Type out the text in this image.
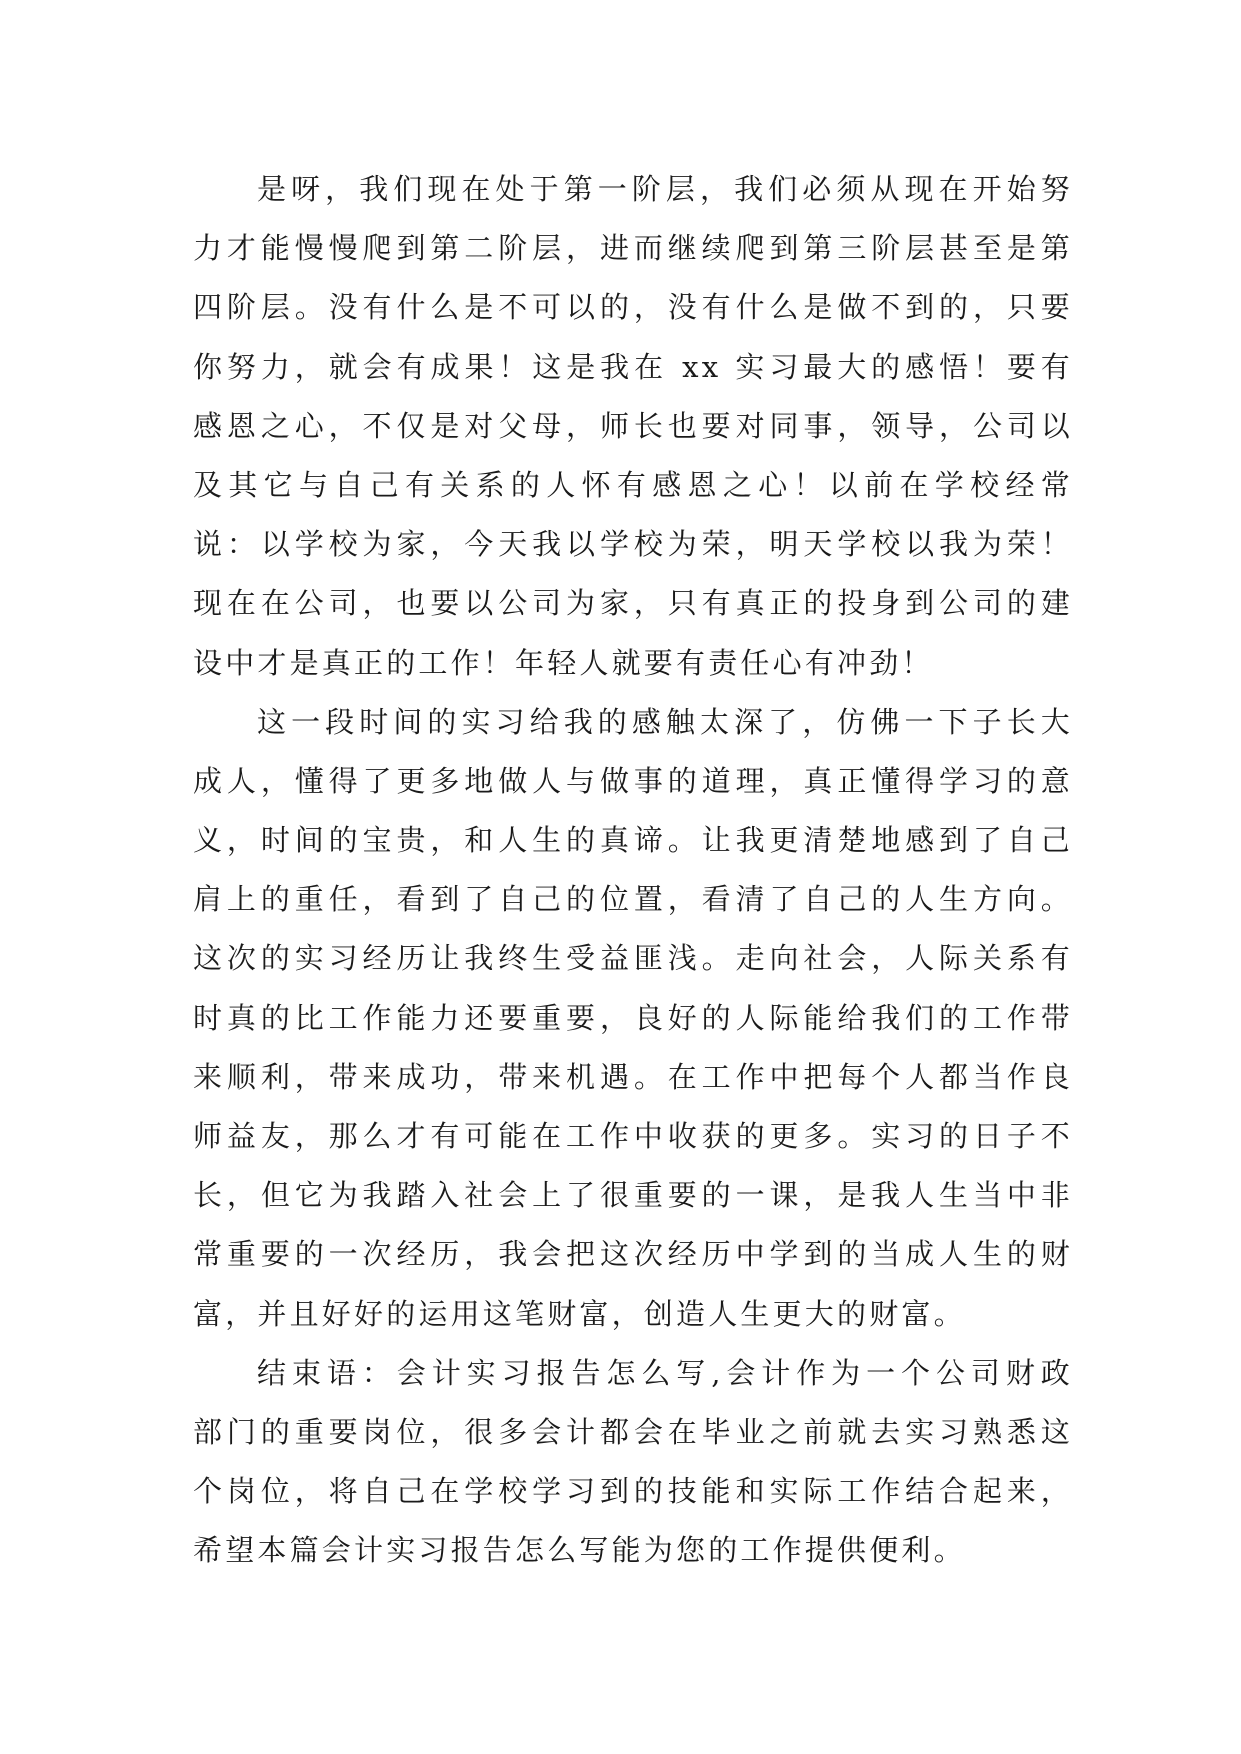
是呀，我们现在处于第一阶层，我们必须从现在开始努
力才能慢慢爬到第二阶层，进而继续爬到第三阶层甚至是第
四阶层。没有什么是不可以的，没有什么是做不到的，只要
你努力，就会有成果！这是我在 xx 实习最大的感悟！要有
感恩之心，不仅是对父母，师长也要对同事，领导，公司以
及其它与自己有关系的人怀有感恩之心！以前在学校经常
说：以学校为家，今天我以学校为荣，明天学校以我为荣！
现在在公司，也要以公司为家，只有真正的投身到公司的建
设中才是真正的工作！年轻人就要有责任心有冲劲！
这一段时间的实习给我的感触太深了，仿佛一下子长大
成人，懂得了更多地做人与做事的道理，真正懂得学习的意
义，时间的宝贵，和人生的真谛。让我更清楚地感到了自己
肩上的重任，看到了自己的位置，看清了自己的人生方向。
这次的实习经历让我终生受益匪浅。走向社会，人际关系有
时真的比工作能力还要重要，良好的人际能给我们的工作带
来顺利，带来成功，带来机遇。在工作中把每个人都当作良
师益友，那么才有可能在工作中收获的更多。实习的日子不
长，但它为我踏入社会上了很重要的一课，是我人生当中非
常重要的一次经历，我会把这次经历中学到的当成人生的财
富，并且好好的运用这笔财富，创造人生更大的财富。
结束语：会计实习报告怎么写,会计作为一个公司财政
部门的重要岗位，很多会计都会在毕业之前就去实习熟悉这
个岗位，将自己在学校学习到的技能和实际工作结合起来，
希望本篇会计实习报告怎么写能为您的工作提供便利。
